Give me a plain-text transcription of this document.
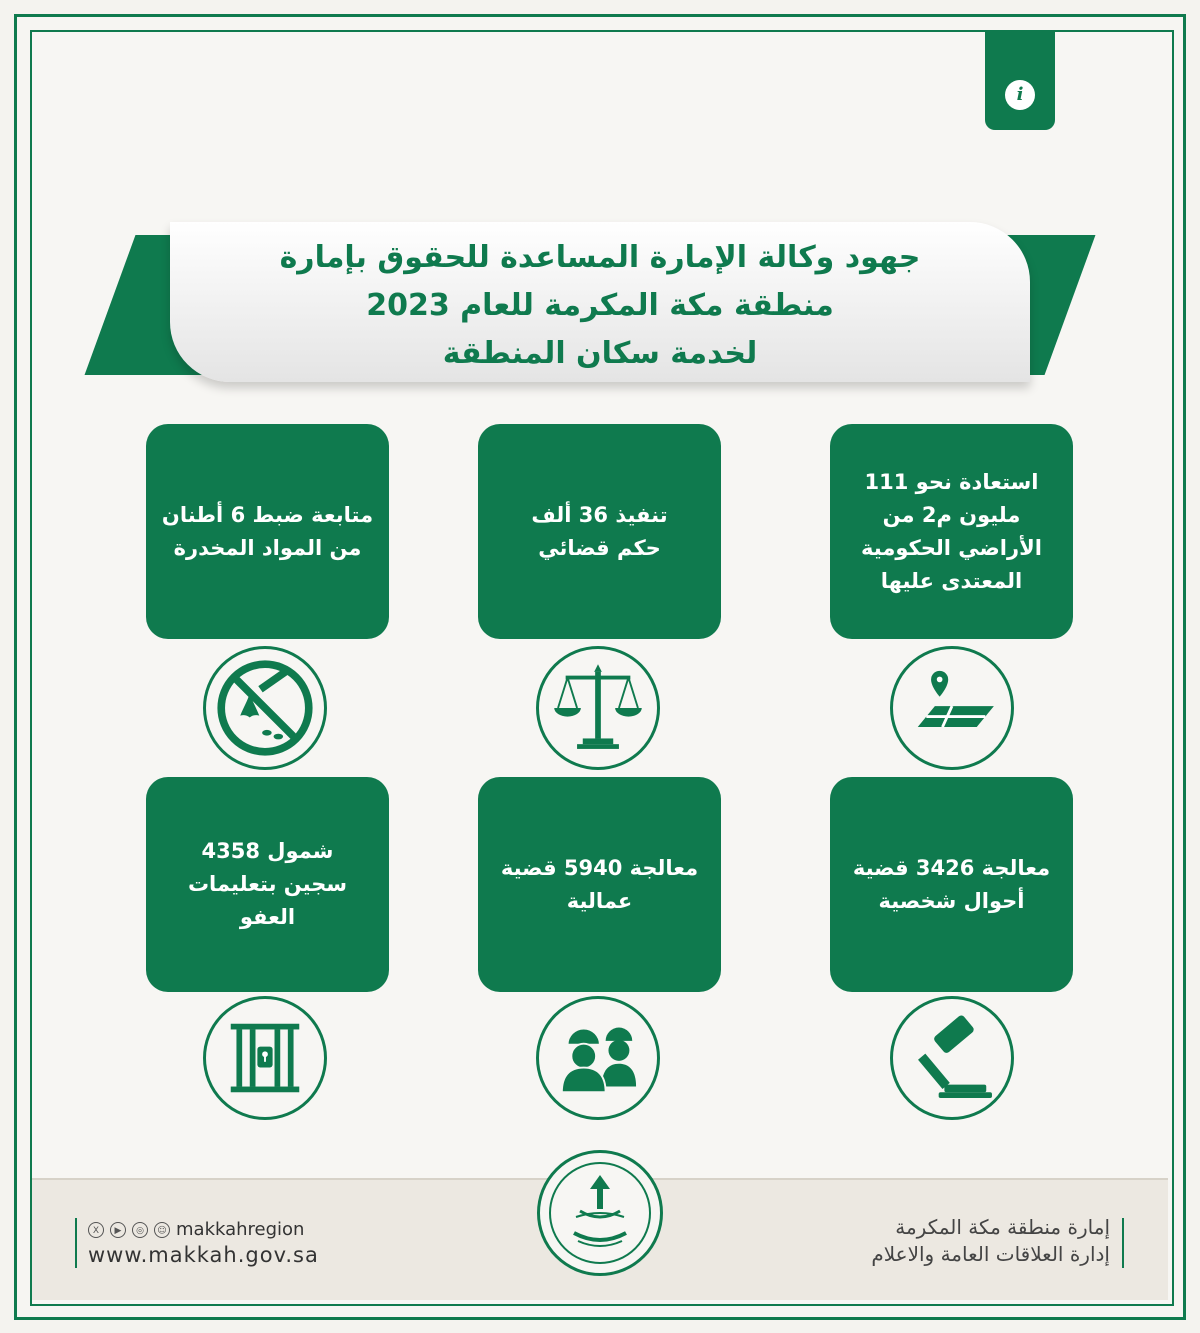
i
جهود وكالة الإمارة المساعدة للحقوق بإمارة
منطقة مكة المكرمة للعام 2023
لخدمة سكان المنطقة
استعادة نحو 111 مليون م2 من الأراضي الحكومية المعتدى عليها
تنفيذ 36 ألف حكم قضائي
متابعة ضبط 6 أطنان من المواد المخدرة
معالجة 3426 قضية أحوال شخصية
معالجة 5940 قضية عمالية
شمول 4358 سجين بتعليمات العفو
X	▶	◎	☺ makkahregion
www.makkah.gov.sa
إمارة منطقة مكة المكرمة
إدارة العلاقات العامة والاعلام
